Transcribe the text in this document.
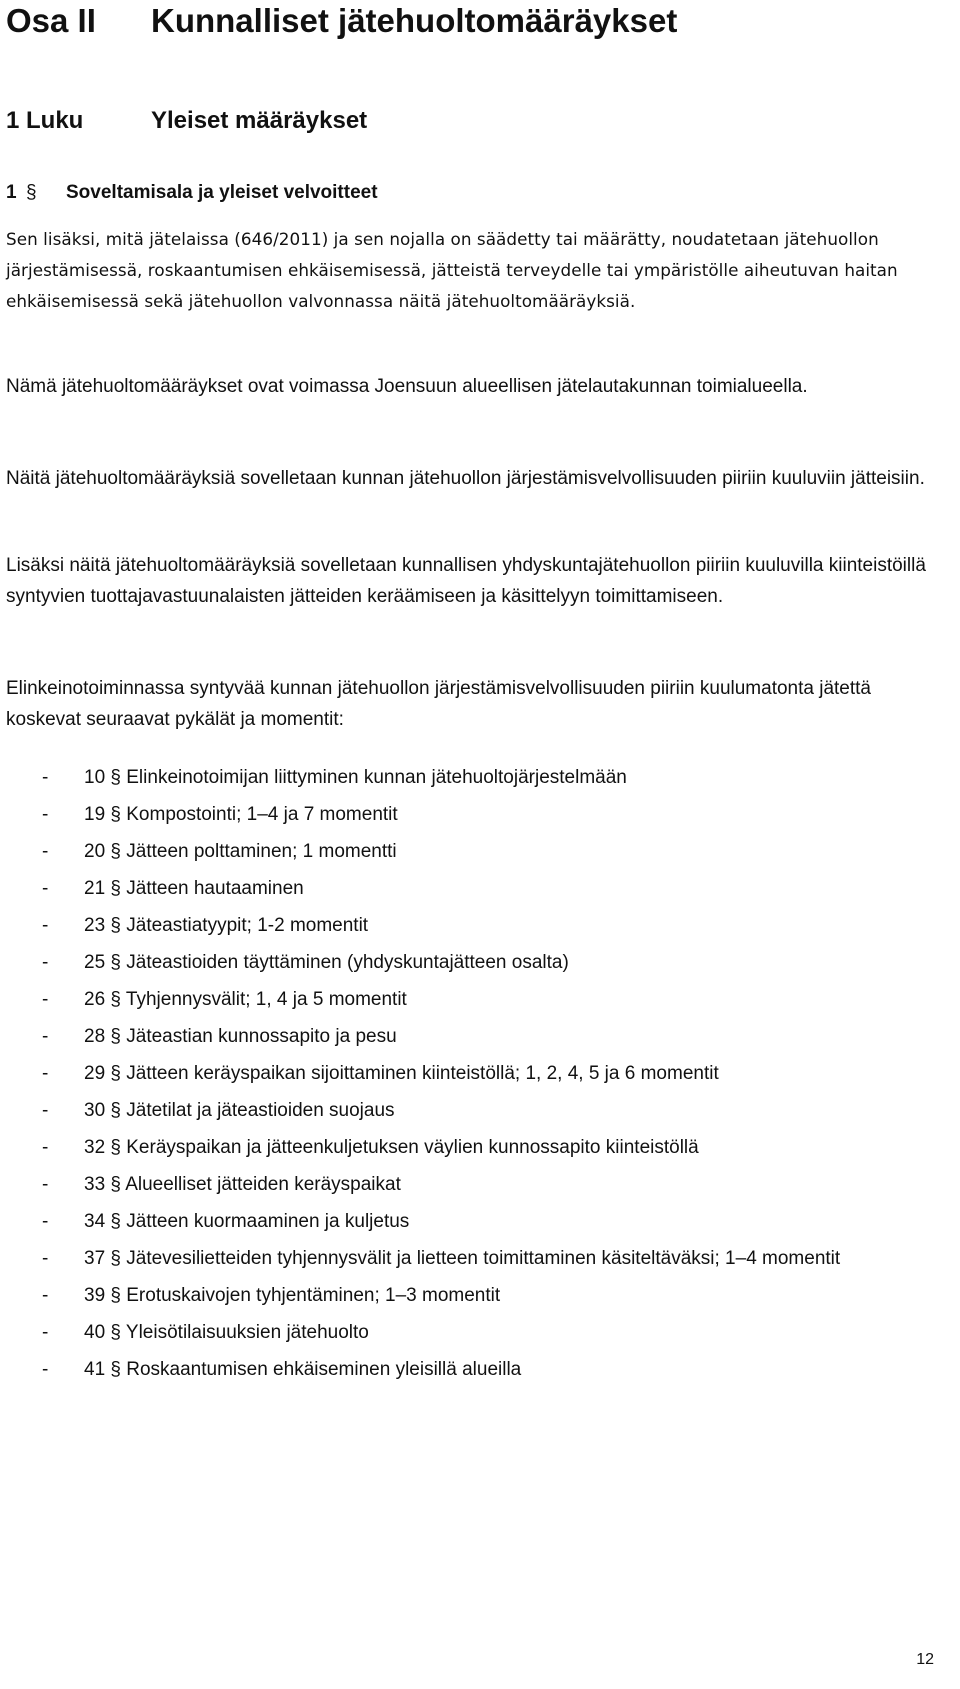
Osa II Kunnalliset jätehuoltomääräykset
1 Luku	Yleiset määräykset
1 § Soveltamisala ja yleiset velvoitteet

Sen lisäksi, mitä jätelaissa (646/2011) ja sen nojalla on säädetty tai määrätty, noudatetaan jätehuollon järjestämisessä, roskaantumisen ehkäisemisessä, jätteistä terveydelle tai ympäristölle aiheutuvan haitan ehkäisemisessä sekä jätehuollon valvonnassa näitä jätehuoltomääräyksiä.

Nämä jätehuoltomääräykset ovat voimassa Joensuun alueellisen jätelautakunnan toimialueella.

Näitä jätehuoltomääräyksiä sovelletaan kunnan jätehuollon järjestämisvelvollisuuden piiriin kuuluviin jätteisiin.

Lisäksi näitä jätehuoltomääräyksiä sovelletaan kunnallisen yhdyskuntajätehuollon piiriin kuuluvilla kiinteistöillä syntyvien tuottajavastuunalaisten jätteiden keräämiseen ja käsittelyyn toimittamiseen.

Elinkeinotoiminnassa syntyvää kunnan jätehuollon järjestämisvelvollisuuden piiriin kuulumatonta jätettä koskevat seuraavat pykälät ja momentit:

- 10 § Elinkeinotoimijan liittyminen kunnan jätehuoltojärjestelmään
- 19 § Kompostointi; 1–4 ja 7 momentit
- 20 § Jätteen polttaminen; 1 momentti
- 21 § Jätteen hautaaminen
- 23 § Jäteastiatyypit; 1-2 momentit
- 25 § Jäteastioiden täyttäminen (yhdyskuntajätteen osalta)
- 26 § Tyhjennysvälit; 1, 4 ja 5 momentit
- 28 § Jäteastian kunnossapito ja pesu
- 29 § Jätteen keräyspaikan sijoittaminen kiinteistöllä; 1, 2, 4, 5 ja 6 momentit
- 30 § Jätetilat ja jäteastioiden suojaus
- 32 § Keräyspaikan ja jätteenkuljetuksen väylien kunnossapito kiinteistöllä
- 33 § Alueelliset jätteiden keräyspaikat
- 34 § Jätteen kuormaaminen ja kuljetus
- 37 § Jätevesilietteiden tyhjennysvälit ja lietteen toimittaminen käsiteltäväksi; 1–4 momentit
- 39 § Erotuskaivojen tyhjentäminen; 1–3 momentit
- 40 § Yleisötilaisuuksien jätehuolto
- 41 § Roskaantumisen ehkäiseminen yleisillä alueilla
12
